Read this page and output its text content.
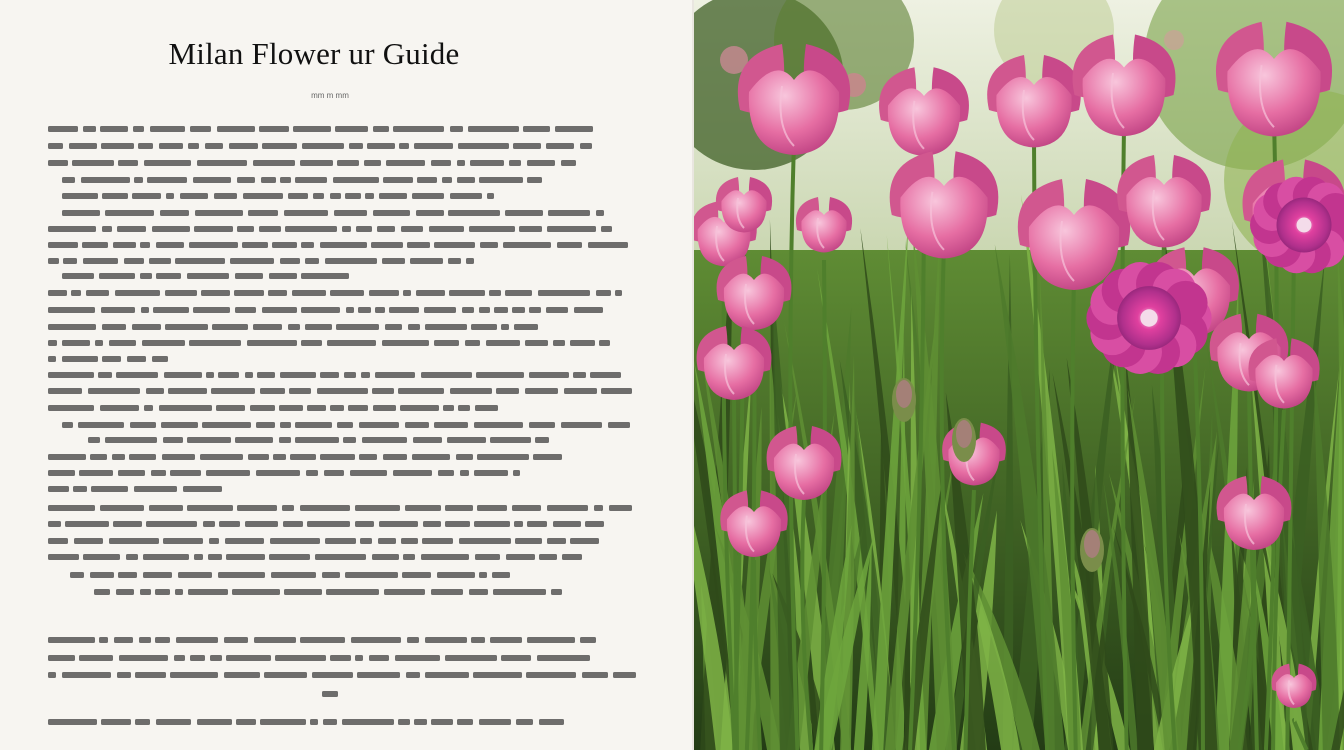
Milan Flower ur Guide
m​m m​ mm
